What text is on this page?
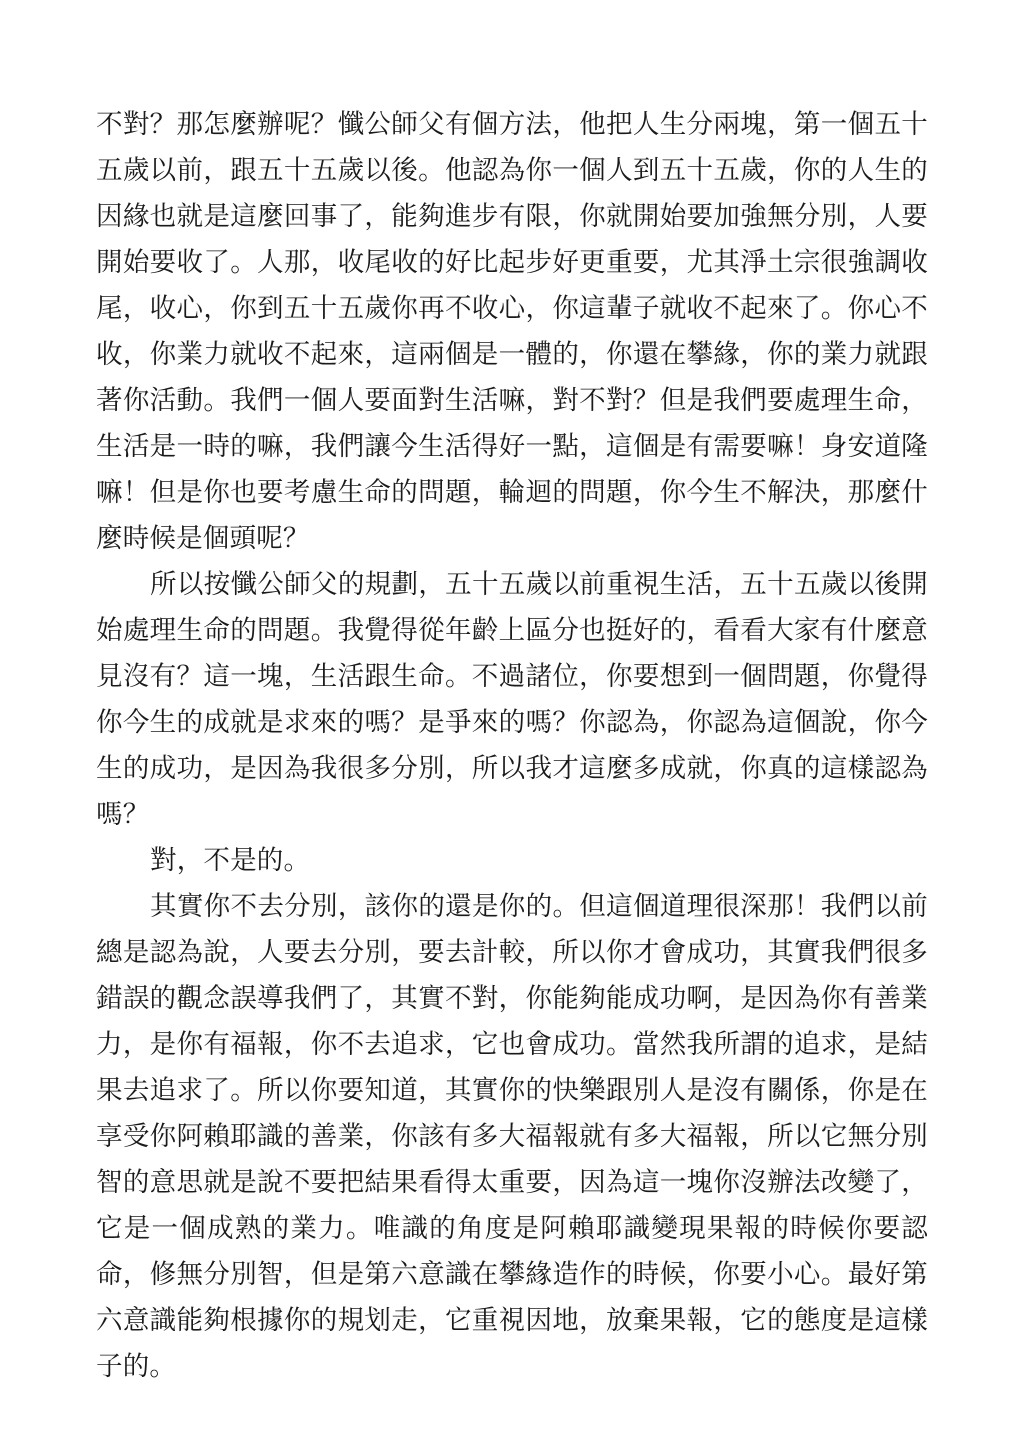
不對？那怎麼辦呢？懺公師父有個方法，他把人生分兩塊，第一個五十五歲以前，跟五十五歲以後。他認為你一個人到五十五歲，你的人生的因緣也就是這麼回事了，能夠進步有限，你就開始要加強無分別，人要開始要收了。人那，收尾收的好比起步好更重要，尤其淨土宗很強調收尾，收心，你到五十五歲你再不收心，你這輩子就收不起來了。你心不收，你業力就收不起來，這兩個是一體的，你還在攀緣，你的業力就跟著你活動。我們一個人要面對生活嘛，對不對？但是我們要處理生命，生活是一時的嘛，我們讓今生活得好一點，這個是有需要嘛！身安道隆嘛！但是你也要考慮生命的問題，輪迴的問題，你今生不解決，那麼什麼時候是個頭呢？

所以按懺公師父的規劃，五十五歲以前重視生活，五十五歲以後開始處理生命的問題。我覺得從年齡上區分也挺好的，看看大家有什麼意見沒有？這一塊，生活跟生命。不過諸位，你要想到一個問題，你覺得你今生的成就是求來的嗎？是爭來的嗎？你認為，你認為這個說，你今生的成功，是因為我很多分別，所以我才這麼多成就，你真的這樣認為嗎？

對，不是的。

其實你不去分別，該你的還是你的。但這個道理很深那！我們以前總是認為說，人要去分別，要去計較，所以你才會成功，其實我們很多錯誤的觀念誤導我們了，其實不對，你能夠能成功啊，是因為你有善業力，是你有福報，你不去追求，它也會成功。當然我所謂的追求，是結果去追求了。所以你要知道，其實你的快樂跟別人是沒有關係，你是在享受你阿賴耶識的善業，你該有多大福報就有多大福報，所以它無分別智的意思就是說不要把結果看得太重要，因為這一塊你沒辦法改變了，它是一個成熟的業力。唯識的角度是阿賴耶識變現果報的時候你要認命，修無分別智，但是第六意識在攀緣造作的時候，你要小心。最好第六意識能夠根據你的規划走，它重視因地，放棄果報，它的態度是這樣子的。
